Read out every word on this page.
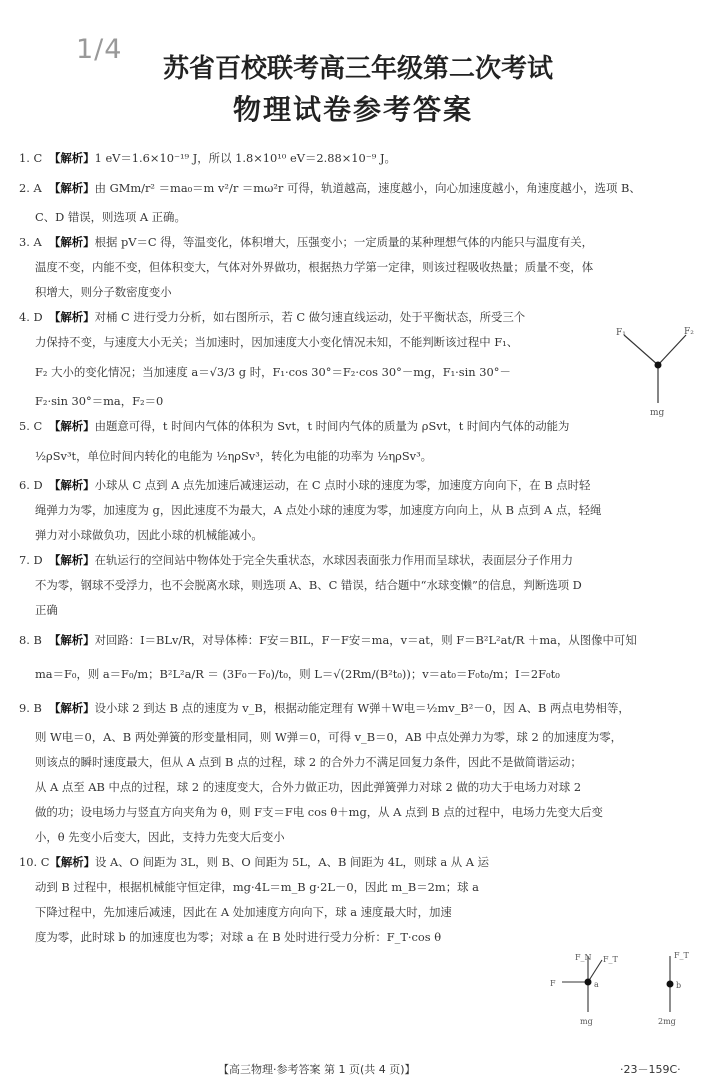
1/4
苏省百校联考高三年级第二次考试
物理试卷参考答案
1. C 【解析】1 eV＝1.6×10⁻¹⁹ J，所以 1.8×10¹⁰ eV＝2.88×10⁻⁹ J。
2. A 【解析】由 GMm/r² ＝ma₀＝m v²/r ＝mω²r 可得，轨道越高，速度越小，向心加速度越小，角速度越小，选项 B、
C、D 错误，则选项 A 正确。
3. A 【解析】根据 pV＝C 得，等温变化，体积增大，压强变小；一定质量的某种理想气体的内能只与温度有关，
温度不变，内能不变，但体积变大，气体对外界做功，根据热力学第一定律，则该过程吸收热量；质量不变，体
积增大，则分子数密度变小
4. D 【解析】对桶 C 进行受力分析，如右图所示，若 C 做匀速直线运动，处于平衡状态，所受三个
力保持不变，与速度大小无关；当加速时，因加速度大小变化情况未知，不能判断该过程中 F₁、
F₂ 大小的变化情况；当加速度 a＝√3/3 g 时，F₁·cos 30°＝F₂·cos 30°－mg，F₁·sin 30°－
F₂·sin 30°＝ma，F₂＝0
5. C 【解析】由题意可得，t 时间内气体的体积为 Svt，t 时间内气体的质量为 ρSvt，t 时间内气体的动能为
½ρSv³t，单位时间内转化的电能为 ½ηρSv³，转化为电能的功率为 ½ηρSv³。
6. D 【解析】小球从 C 点到 A 点先加速后减速运动，在 C 点时小球的速度为零，加速度方向向下，在 B 点时轻
绳弹力为零，加速度为 g，因此速度不为最大，A 点处小球的速度为零，加速度方向向上，从 B 点到 A 点，轻绳
弹力对小球做负功，因此小球的机械能减小。
7. D 【解析】在轨运行的空间站中物体处于完全失重状态，水球因表面张力作用而呈球状，表面层分子作用力
不为零，钢球不受浮力，也不会脱离水球，则选项 A、B、C 错误，结合题中“水球变懒”的信息，判断选项 D
正确
8. B 【解析】对回路：I＝BLv/R，对导体棒：F安＝BIL，F－F安＝ma，v＝at，则 F＝B²L²at/R ＋ma，从图像中可知
ma＝F₀，则 a＝F₀/m；B²L²a/R ＝ (3F₀－F₀)/t₀，则 L＝√(2Rm/(B²t₀))；v＝at₀＝F₀t₀/m；I＝2F₀t₀
9. B 【解析】设小球 2 到达 B 点的速度为 v_B，根据动能定理有 W弹＋W电＝½mv_B²－0，因 A、B 两点电势相等，
则 W电＝0，A、B 两处弹簧的形变量相同，则 W弹＝0，可得 v_B＝0，AB 中点处弹力为零，球 2 的加速度为零，
则该点的瞬时速度最大，但从 A 点到 B 点的过程，球 2 的合外力不满足回复力条件，因此不是做简谐运动；
从 A 点至 AB 中点的过程，球 2 的速度变大，合外力做正功，因此弹簧弹力对球 2 做的功大于电场力对球 2
做的功；设电场力与竖直方向夹角为 θ，则 F支＝F电 cos θ＋mg，从 A 点到 B 点的过程中，电场力先变大后变
小，θ 先变小后变大，因此，支持力先变大后变小
10. C【解析】设 A、O 间距为 3L，则 B、O 间距为 5L，A、B 间距为 4L，则球 a 从 A 运
动到 B 过程中，根据机械能守恒定律，mg·4L＝m_B g·2L－0，因此 m_B＝2m；球 a
下降过程中，先加速后减速，因此在 A 处加速度方向向下，球 a 速度最大时，加速
度为零，此时球 b 的加速度也为零；对球 a 在 B 处时进行受力分析：F_T·cos θ
F₁	F₂
mg
F
F_N F_T
a
mg
F_T
b
2mg
【高三物理·参考答案 第 1 页(共 4 页)】	·23－159C·
